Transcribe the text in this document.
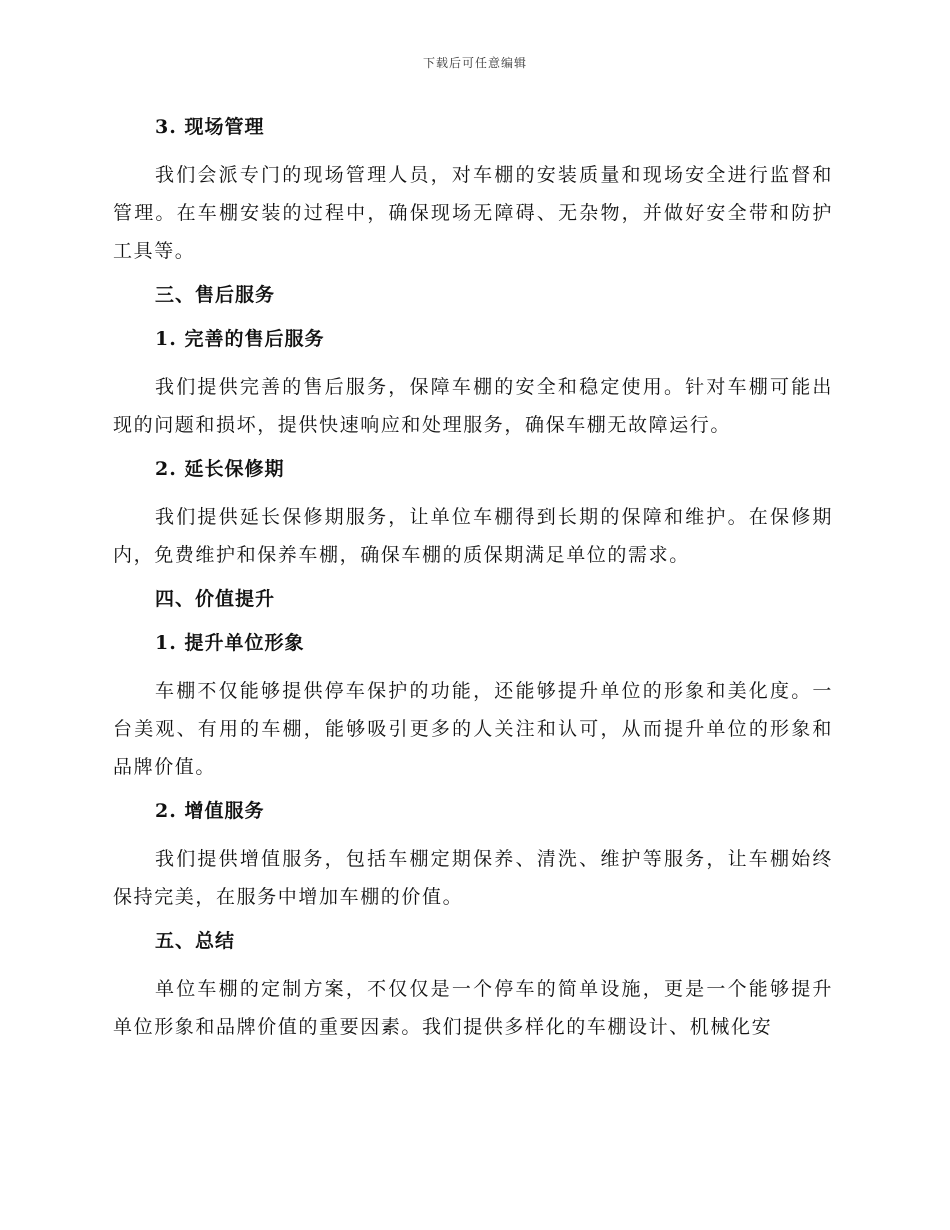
下载后可任意编辑
3. 现场管理
我们会派专门的现场管理人员，对车棚的安装质量和现场安全进行监督和管理。在车棚安装的过程中，确保现场无障碍、无杂物，并做好安全带和防护工具等。
三、售后服务
1. 完善的售后服务
我们提供完善的售后服务，保障车棚的安全和稳定使用。针对车棚可能出现的问题和损坏，提供快速响应和处理服务，确保车棚无故障运行。
2. 延长保修期
我们提供延长保修期服务，让单位车棚得到长期的保障和维护。在保修期内，免费维护和保养车棚，确保车棚的质保期满足单位的需求。
四、价值提升
1. 提升单位形象
车棚不仅能够提供停车保护的功能，还能够提升单位的形象和美化度。一台美观、有用的车棚，能够吸引更多的人关注和认可，从而提升单位的形象和品牌价值。
2. 增值服务
我们提供增值服务，包括车棚定期保养、清洗、维护等服务，让车棚始终保持完美，在服务中增加车棚的价值。
五、总结
单位车棚的定制方案，不仅仅是一个停车的简单设施，更是一个能够提升单位形象和品牌价值的重要因素。我们提供多样化的车棚设计、机械化安
